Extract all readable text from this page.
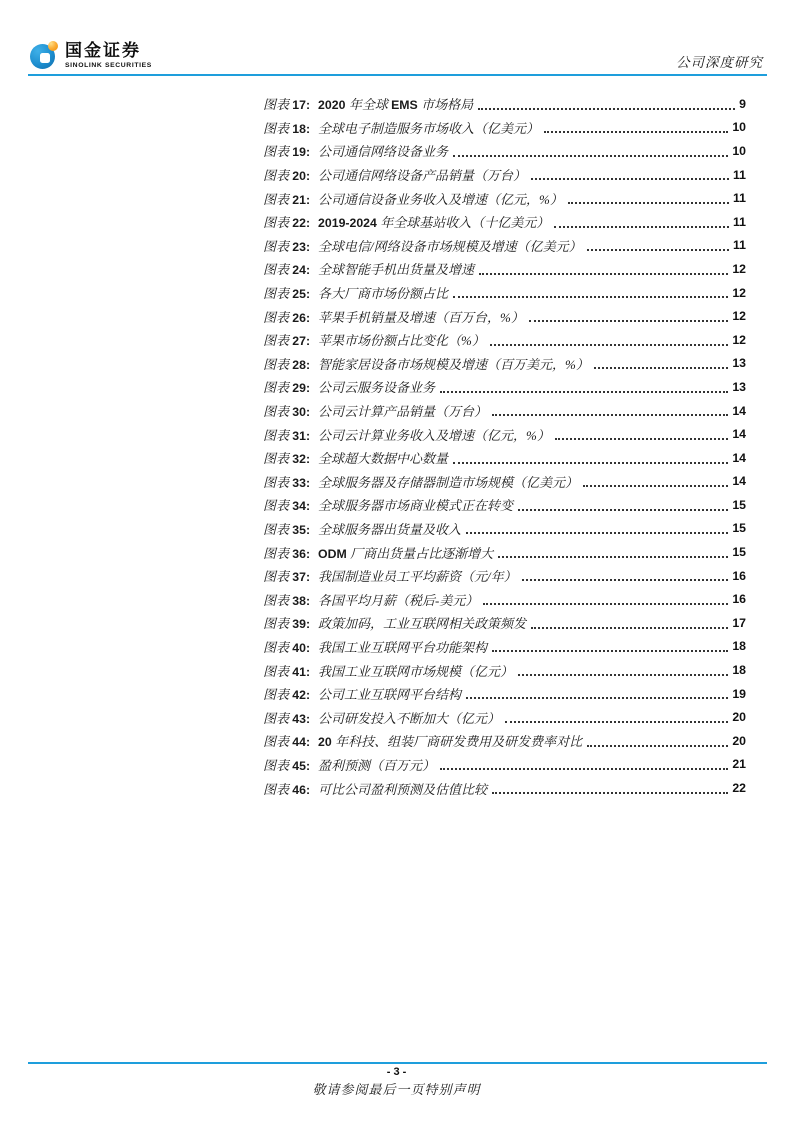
国金证券
SINOLINK SECURITIES	公司深度研究
图表 17: 2020 年全球 EMS 市场格局	9
图表 18: 全球电子制造服务市场收入（亿美元）	10
图表 19: 公司通信网络设备业务	10
图表 20: 公司通信网络设备产品销量（万台）	11
图表 21: 公司通信设备业务收入及增速（亿元，%）	11
图表 22: 2019-2024 年全球基站收入（十亿美元）	11
图表 23: 全球电信/网络设备市场规模及增速（亿美元）	11
图表 24: 全球智能手机出货量及增速	12
图表 25: 各大厂商市场份额占比	12
图表 26: 苹果手机销量及增速（百万台，%）	12
图表 27: 苹果市场份额占比变化（%）	12
图表 28: 智能家居设备市场规模及增速（百万美元，%）	13
图表 29: 公司云服务设备业务	13
图表 30: 公司云计算产品销量（万台）	14
图表 31: 公司云计算业务收入及增速（亿元，%）	14
图表 32: 全球超大数据中心数量	14
图表 33: 全球服务器及存储器制造市场规模（亿美元）	14
图表 34: 全球服务器市场商业模式正在转变	15
图表 35: 全球服务器出货量及收入	15
图表 36: ODM 厂商出货量占比逐渐增大	15
图表 37: 我国制造业员工平均薪资（元/年）	16
图表 38: 各国平均月薪（税后-美元）	16
图表 39: 政策加码，工业互联网相关政策频发	17
图表 40: 我国工业互联网平台功能架构	18
图表 41: 我国工业互联网市场规模（亿元）	18
图表 42: 公司工业互联网平台结构	19
图表 43: 公司研发投入不断加大（亿元）	20
图表 44: 20 年科技、组装厂商研发费用及研发费率对比	20
图表 45: 盈利预测（百万元）	21
图表 46: 可比公司盈利预测及估值比较	22
- 3 -
敬请参阅最后一页特别声明
